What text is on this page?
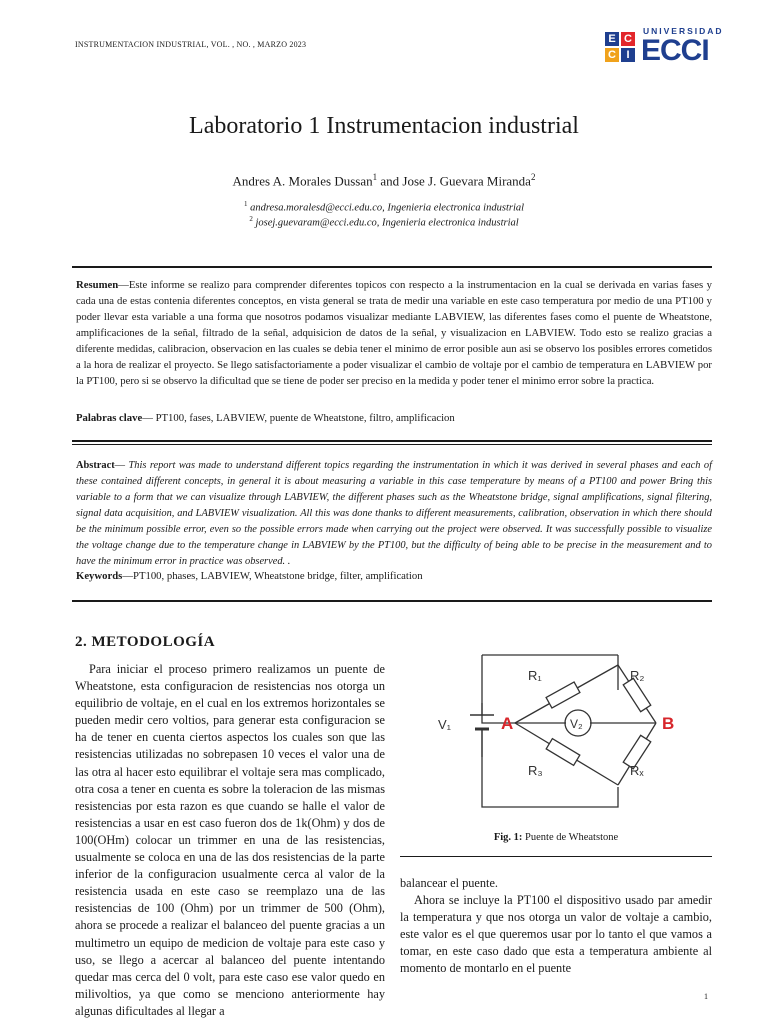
INSTRUMENTACION INDUSTRIAL, VOL. , NO. , MARZO 2023	E C
C I
UNIVERSIDAD
ECCI
Laboratorio 1 Instrumentacion industrial
Andres A. Morales Dussan$^1$ and Jose J. Guevara Miranda$^2$
$^1$ andresa.moralesd@ecci.edu.co, Ingenieria electronica industrial
$^2$ josej.guevaram@ecci.edu.co, Ingenieria electronica industrial
Resumen—Este informe se realizo para comprender diferentes topicos con respecto a la instrumentacion en la cual se derivada en varias fases y cada una de estas contenia diferentes conceptos, en vista general se trata de medir una variable en este caso temperatura por medio de una PT100 y poder llevar esta variable a una forma que nosotros podamos visualizar mediante LABVIEW, las diferentes fases como el puente de Wheatstone, amplificaciones de la señal, filtrado de la señal, adquisicion de datos de la señal, y visualizacion en LABVIEW. Todo esto se realizo gracias a diferente medidas, calibracion, observacion en las cuales se debia tener el minimo de error posible aun asi se observo los posibles errores cometidos a la hora de realizar el proyecto. Se llego satisfactoriamente a poder visualizar el cambio de voltaje por el cambio de temperatura en LABVIEW por la PT100, pero si se observo la dificultad que se tiene de poder ser preciso en la medida y poder tener el minimo error sobre la practica.
Palabras clave— PT100, fases, LABVIEW, puente de Wheatstone, filtro, amplificacion
Abstract— This report was made to understand different topics regarding the instrumentation in which it was derived in several phases and each of these contained different concepts, in general it is about measuring a variable in this case temperature by means of a PT100 and power Bring this variable to a form that we can visualize through LABVIEW, the different phases such as the Wheatstone bridge, signal amplifications, signal filtering, signal data acquisition, and LABVIEW visualization. All this was done thanks to different measurements, calibration, observation in which there should be the minimum possible error, even so the possible errors made when carrying out the project were observed. It was successfully possible to visualize the voltage change due to the temperature change in LABVIEW by the PT100, but the difficulty of being able to be precise in the measurement and to have the minimum error in practice was observed. .
Keywords—PT100, phases, LABVIEW, Wheatstone bridge, filter, amplification
2. METODOLOGÍA

Para iniciar el proceso primero realizamos un puente de Wheatstone, esta configuracion de resistencias nos otorga un equilibrio de voltaje, en el cual en los extremos horizontales se pueden medir cero voltios, para generar esta configuracion se ha de tener en cuenta ciertos aspectos los cuales son que las resistencias utilizadas no sobrepasen 10 veces el valor una de las otra al hacer esto equilibrar el voltaje sera mas complicado, otra cosa a tener en cuenta es sobre la toleracion de las mismas resistencias por esta razon es que cuando se halle el valor de resistencias a usar en est caso fueron dos de 1k(Ohm) y dos de 100(OHm) colocar un trimmer en una de las resistencias, usualmente se coloca en una de las dos resistencias de la parte inferior de la configuracion usualmente cerca al valor de la resistencia usada en este caso se reemplazo una de las resistencias de 100 (Ohm) por un trimmer de 500 (Ohm), ahora se procede a realizar el balanceo del puente gracias a un multimetro un equipo de medicion de voltaje para este caso y uso, se llego a acercar al balanceo del puente intentando quedar mas cerca del 0 volt, para este caso ese valor quedo en milivoltios, ya que como se menciono anteriormente hay algunas dificultades al llegar a

R₁	R₂
R₃	Rₓ
V₁	V₂
A	B
Fig. 1: Puente de Wheatstone

balancear el puente.

Ahora se incluye la PT100 el dispositivo usado par amedir la temperatura y que nos otorga un valor de voltaje a cambio, este valor es el que queremos usar por lo tanto el que vamos a tomar, en este caso dado que esta a temperatura ambiente al momento de montarlo en el puente

1
